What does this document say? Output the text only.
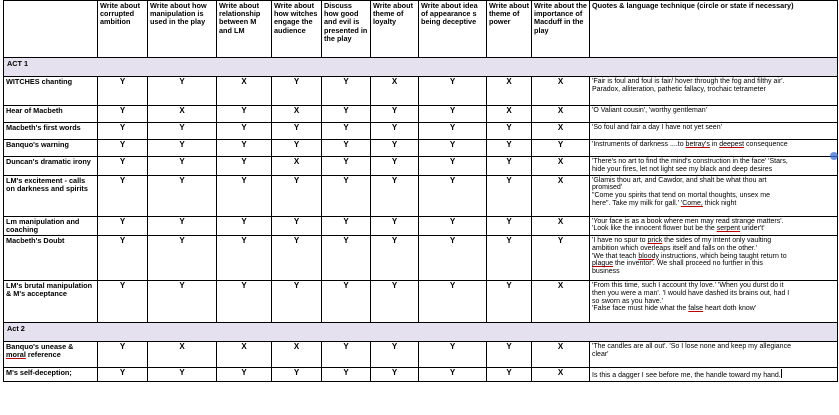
	Write about corrupted ambition	Write about how manipulation is used in the play	Write about relationship between M and LM	Write about how witches engage the audience	Discuss how good and evil is presented in the play	Write about theme of loyalty	Write about idea of appearance s being deceptive	Write about theme of power	Write about the importance of Macduff in the play	Quotes & language technique (circle or state if necessary)
ACT 1										
WITCHES chanting	Y	Y	X	Y	Y	X	Y	X	X	'Fair is foul and foul is fair/ hover through the fog and filthy air'.
Paradox, alliteration, pathetic fallacy, trochaic tetrameter

Hear of Macbeth	Y	X	Y	X	Y	Y	Y	X	X	'O Valiant cousin', 'worthy gentleman'

Macbeth's first words	Y	Y	Y	Y	Y	Y	Y	Y	X	'So foul and fair a day I have not yet seen'

Banquo's warning	Y	Y	Y	Y	Y	Y	Y	Y	Y	'Instruments of darkness ....to betray's in deepest consequence

Duncan's dramatic irony	Y	Y	Y	X	Y	Y	Y	Y	X	'There's no art to find the mind's construction in the face' 'Stars,
hide your fires, let not light see my black and deep desires

LM's excitement - calls on darkness and spirits	Y	Y	Y	Y	Y	Y	Y	Y	X	'Glamis thou art, and Cawdor, and shalt be what thou art
promised'
"Come you spirits that tend on mortal thoughts, unsex me
here". Take my milk for gall.' 'Come, thick night

Lm manipulation and coaching	Y	Y	Y	Y	Y	Y	Y	Y	X	'Your face is as a book where men may read strange matters'.
'Look like the innocent flower but be the serpent under't'

Macbeth's Doubt	Y	Y	Y	Y	Y	Y	Y	Y	Y	'I have no spur to prick the sides of my intent only vaulting
ambition which overleaps itself and falls on the other.'
'We that teach bloody instructions, which being taught return to
plague the inventor'. We shall proceed no further in this
business

LM's brutal manipulation & M's acceptance	Y	Y	Y	Y	Y	Y	Y	Y	X	'From this time, such I account thy love.' 'When you durst do it
then you were a man'. 'I would have dashed its brains out, had I
so sworn as you have.'
'False face must hide what the false heart doth know'

Act 2										
Banquo's unease & moral reference	Y	X	X	X	Y	Y	Y	Y	X	'The candles are all out'. 'So I lose none and keep my allegiance
clear'

M's self-deception;	Y	Y	Y	Y	Y	Y	Y	Y	X	Is this a dagger I see before me, the handle toward my hand.
